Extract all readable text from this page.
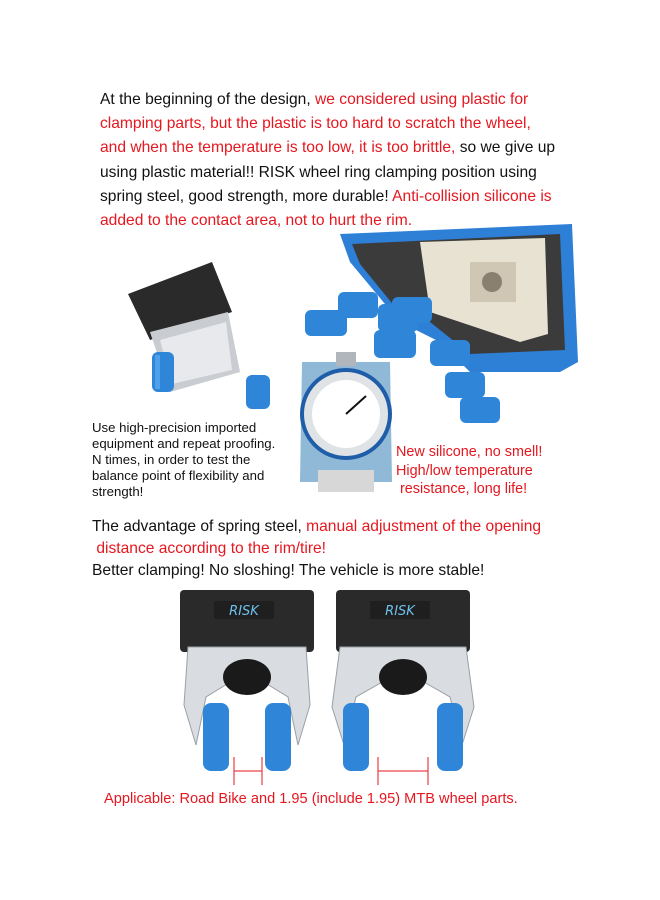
At the beginning of the design, we considered using plastic for clamping parts, but the plastic is too hard to scratch the wheel, and when the temperature is too low, it is too brittle, so we give up using plastic material!! RISK wheel ring clamping position using spring steel, good strength, more durable! Anti-collision silicone is added to the contact area, not to hurt the rim.
Use high-precision imported
equipment and repeat proofing.
N times, in order to test the
balance point of flexibility and
strength!
New silicone, no smell!
High/low temperature
resistance, long life!
The advantage of spring steel, manual adjustment of the opening
distance according to the rim/tire!
Better clamping! No sloshing! The vehicle is more stable!
RISK	RISK
Applicable: Road Bike and 1.95 (include 1.95) MTB wheel parts.
